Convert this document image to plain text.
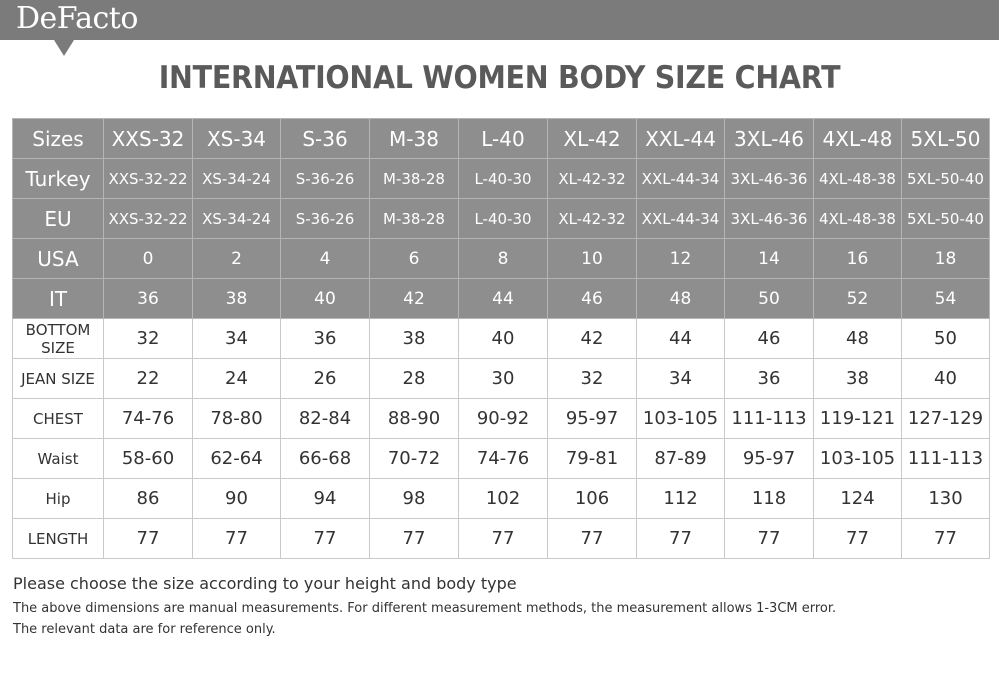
DeFacto
INTERNATIONAL WOMEN BODY SIZE CHART
Sizes	XXS-32	XS-34	S-36	M-38	L-40	XL-42	XXL-44	3XL-46	4XL-48	5XL-50
Turkey	XXS-32-22	XS-34-24	S-36-26	M-38-28	L-40-30	XL-42-32	XXL-44-34	3XL-46-36	4XL-48-38	5XL-50-40
EU	XXS-32-22	XS-34-24	S-36-26	M-38-28	L-40-30	XL-42-32	XXL-44-34	3XL-46-36	4XL-48-38	5XL-50-40
USA	0	2	4	6	8	10	12	14	16	18
IT	36	38	40	42	44	46	48	50	52	54
BOTTOM SIZE	32	34	36	38	40	42	44	46	48	50
JEAN SIZE	22	24	26	28	30	32	34	36	38	40
CHEST	74-76	78-80	82-84	88-90	90-92	95-97	103-105	111-113	119-121	127-129
Waist	58-60	62-64	66-68	70-72	74-76	79-81	87-89	95-97	103-105	111-113
Hip	86	90	94	98	102	106	112	118	124	130
LENGTH	77	77	77	77	77	77	77	77	77	77
Please choose the size according to your height and body type
The above dimensions are manual measurements. For different measurement methods, the measurement allows 1-3CM error.
The relevant data are for reference only.
